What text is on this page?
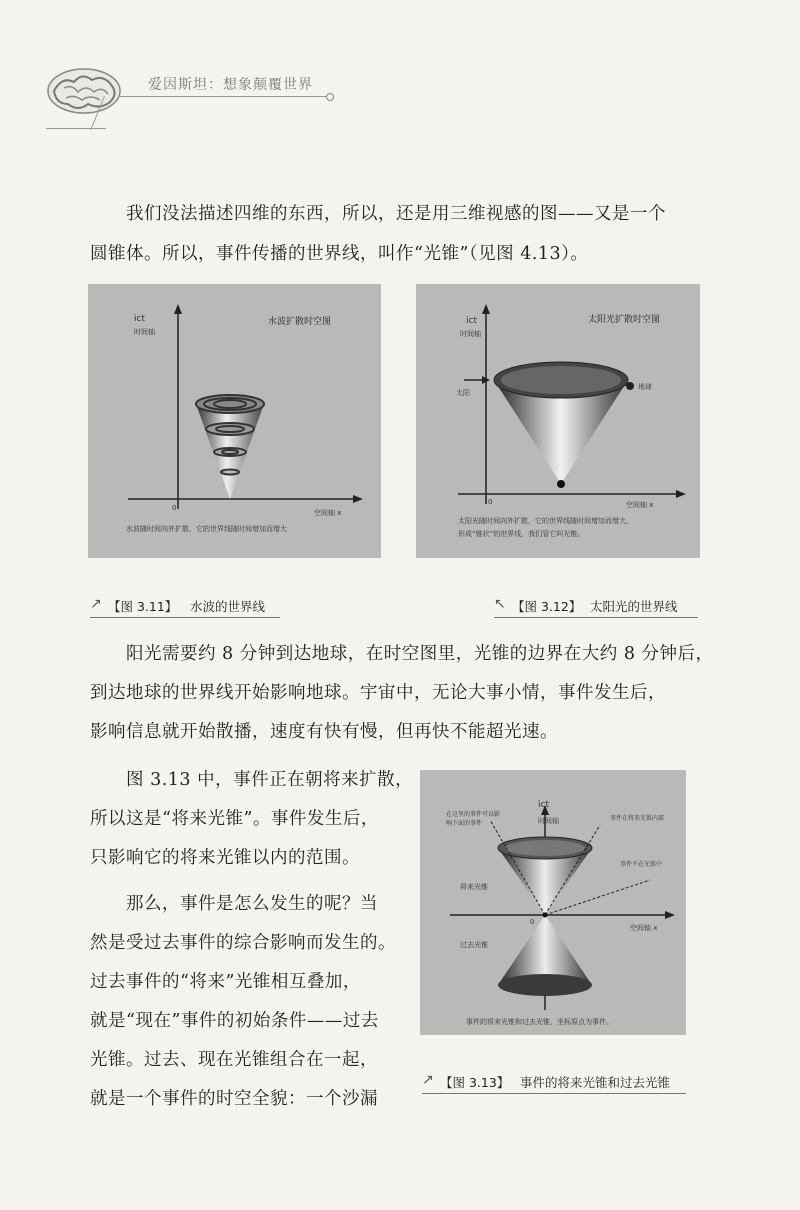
爱因斯坦：想象颠覆世界
我们没法描述四维的东西，所以，还是用三维视感的图——又是一个
圆锥体。所以，事件传播的世界线，叫作“光锥”（见图 4.13）。
ict
时间轴
水波扩散时空图
0
空间轴 x
水波随时间向外扩散，它的世界线随时间增加而增大
ict
时间轴
太阳光扩散时空图
太阳
地球
0	空间轴 x
太阳光随时间向外扩散，它的世界线随时间增加而增大，
形成“锥状”的世界线，我们管它叫光锥。
↗ 【图 3.11】 水波的世界线	↖ 【图 3.12】 太阳光的世界线
阳光需要约 8 分钟到达地球，在时空图里，光锥的边界在大约 8 分钟后，
到达地球的世界线开始影响地球。宇宙中，无论大事小情，事件发生后，
影响信息就开始散播，速度有快有慢，但再快不能超光速。
图 3.13 中，事件正在朝将来扩散，
所以这是“将来光锥”。事件发生后，
只影响它的将来光锥以内的范围。
那么，事件是怎么发生的呢？当
然是受过去事件的综合影响而发生的。
过去事件的“将来”光锥相互叠加，
就是“现在”事件的初始条件——过去
光锥。过去、现在光锥组合在一起，
就是一个事件的时空全貌：一个沙漏
ict
时间轴
在这里的事件可以影响下面的事件
事件在将来光锥内部
事件不在光锥中
将来光锥
过去光锥
0
空间轴 x
事件的将来光锥和过去光锥，坐标原点为事件。
↗ 【图 3.13】 事件的将来光锥和过去光锥
